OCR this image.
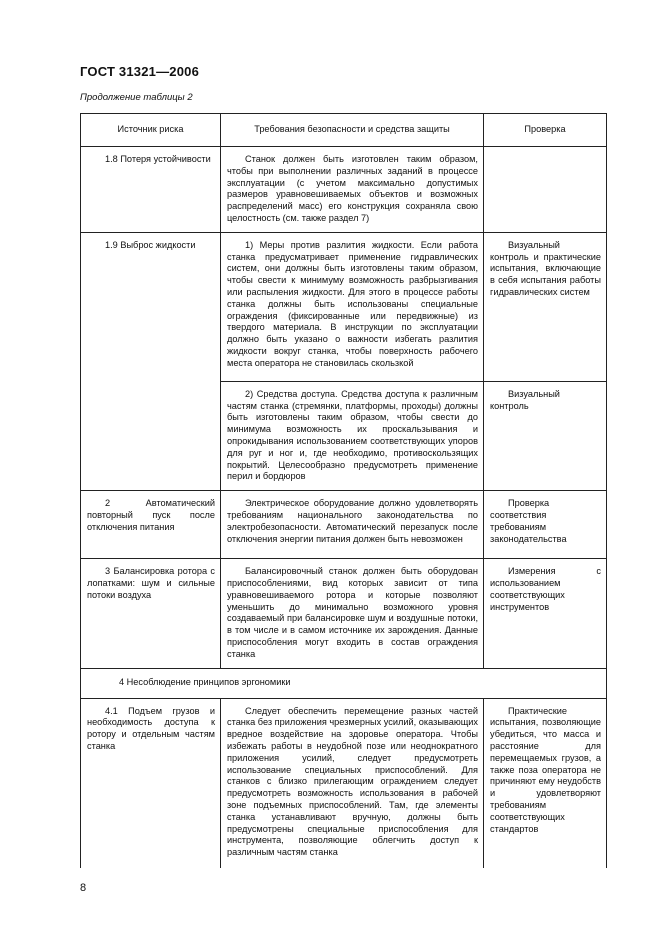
ГОСТ 31321—2006
Продолжение таблицы 2
Источник риска	Требования безопасности и средства защиты	Проверка

1.8 Потеря устойчивости	Станок должен быть изготовлен таким образом, чтобы при выполнении различных заданий в процессе эксплуатации (с учетом максимально допустимых размеров уравновешиваемых объектов и возможных распределений масс) его конструкция сохраняла свою целостность (см. также раздел 7)	

1.9 Выброс жидкости	1) Меры против разлития жидкости. Если работа станка предусматривает применение гидравлических систем, они должны быть изготовлены таким образом, чтобы свести к минимуму возможность разбрызгивания или распыления жидкости. Для этого в процессе работы станка должны быть использованы специальные ограждения (фиксированные или передвижные) из твердого материала. В инструкции по эксплуатации должно быть указано о важности избегать разлития жидкости вокруг станка, чтобы поверхность рабочего места оператора не становилась скользкой	Визуальный контроль и практические испытания, включающие в себя испытания работы гидравлических систем

	2) Средства доступа. Средства доступа к различным частям станка (стремянки, платформы, проходы) должны быть изготовлены таким образом, чтобы свести до минимума возможность их проскальзывания и опрокидывания использованием соответствующих упоров для руг и ног и, где необходимо, противоскользящих покрытий. Целесообразно предусмотреть применение перил и бордюров	Визуальный контроль

2 Автоматический повторный пуск после отключения питания	Электрическое оборудование должно удовлетворять требованиям национального законодательства по электробезопасности. Автоматический перезапуск после отключения энергии питания должен быть невозможен	Проверка соответствия требованиям законодательства

3 Балансировка ротора с лопатками: шум и сильные потоки воздуха	Балансировочный станок должен быть оборудован приспособлениями, вид которых зависит от типа уравновешиваемого ротора и которые позволяют уменьшить до минимально возможного уровня создаваемый при балансировке шум и воздушные потоки, в том числе и в самом источнике их зарождения. Данные приспособления могут входить в состав ограждения станка	Измерения с использованием соответствующих инструментов

4 Несоблюдение принципов эргономики		

4.1 Подъем грузов и необходимость доступа к ротору и отдельным частям станка	Следует обеспечить перемещение разных частей станка без приложения чрезмерных усилий, оказывающих вредное воздействие на здоровье оператора. Чтобы избежать работы в неудобной позе или неоднократного приложения усилий, следует предусмотреть использование специальных приспособлений. Для станков с близко прилегающим ограждением следует предусмотреть возможность использования в рабочей зоне подъемных приспособлений. Там, где элементы станка устанавливают вручную, должны быть предусмотрены специальные приспособления для инструмента, позволяющие облегчить доступ к различным частям станка	Практические испытания, позволяющие убедиться, что масса и расстояние для перемещаемых грузов, а также поза оператора не причиняют ему неудобств и удовлетворяют требованиям соответствующих стандартов
8
